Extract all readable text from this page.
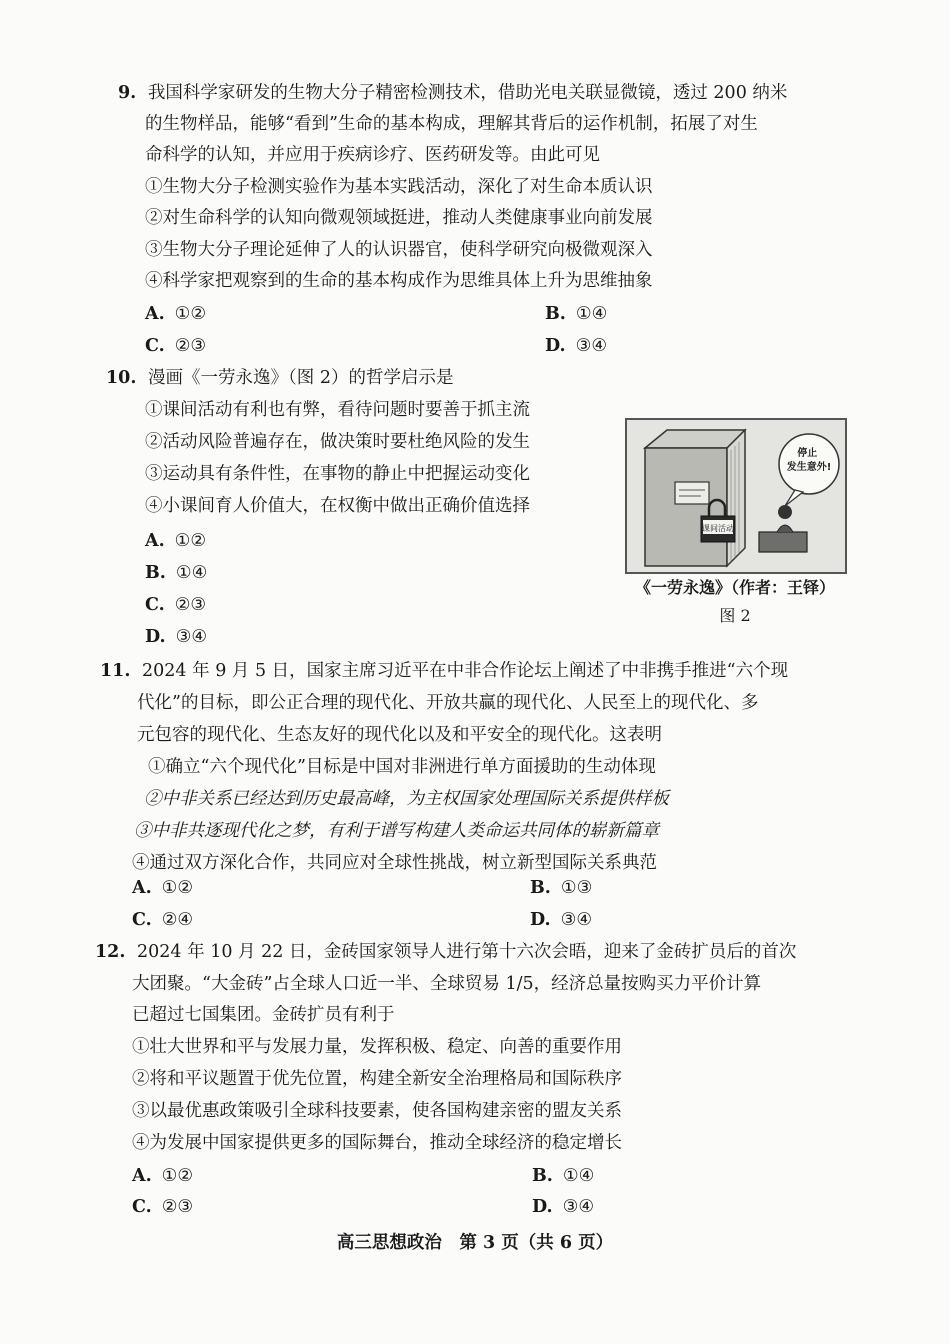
9. 我国科学家研发的生物大分子精密检测技术，借助光电关联显微镜，透过 200 纳米
的生物样品，能够“看到”生命的基本构成，理解其背后的运作机制，拓展了对生
命科学的认知，并应用于疾病诊疗、医药研发等。由此可见
①生物大分子检测实验作为基本实践活动，深化了对生命本质认识
②对生命科学的认知向微观领域挺进，推动人类健康事业向前发展
③生物大分子理论延伸了人的认识器官，使科学研究向极微观深入
④科学家把观察到的生命的基本构成作为思维具体上升为思维抽象
A. ①②	B. ①④
C. ②③	D. ③④
10. 漫画《一劳永逸》（图 2）的哲学启示是
①课间活动有利也有弊，看待问题时要善于抓主流
②活动风险普遍存在，做决策时要杜绝风险的发生
③运动具有条件性，在事物的静止中把握运动变化
④小课间育人价值大，在权衡中做出正确价值选择
A. ①②
B. ①④
C. ②③
D. ③④
课间活动
停止 发生意外!
《一劳永逸》（作者：王铎）
图 2
11. 2024 年 9 月 5 日，国家主席习近平在中非合作论坛上阐述了中非携手推进“六个现
代化”的目标，即公正合理的现代化、开放共赢的现代化、人民至上的现代化、多
元包容的现代化、生态友好的现代化以及和平安全的现代化。这表明
①确立“六个现代化”目标是中国对非洲进行单方面援助的生动体现
②中非关系已经达到历史最高峰，为主权国家处理国际关系提供样板
③中非共逐现代化之梦，有利于谱写构建人类命运共同体的崭新篇章
④通过双方深化合作，共同应对全球性挑战，树立新型国际关系典范
A. ①②	B. ①③
C. ②④	D. ③④
12. 2024 年 10 月 22 日，金砖国家领导人进行第十六次会晤，迎来了金砖扩员后的首次
大团聚。“大金砖”占全球人口近一半、全球贸易 1/5，经济总量按购买力平价计算
已超过七国集团。金砖扩员有利于
①壮大世界和平与发展力量，发挥积极、稳定、向善的重要作用
②将和平议题置于优先位置，构建全新安全治理格局和国际秩序
③以最优惠政策吸引全球科技要素，使各国构建亲密的盟友关系
④为发展中国家提供更多的国际舞台，推动全球经济的稳定增长
A. ①②	B. ①④
C. ②③	D. ③④
高三思想政治　第 3 页（共 6 页）
